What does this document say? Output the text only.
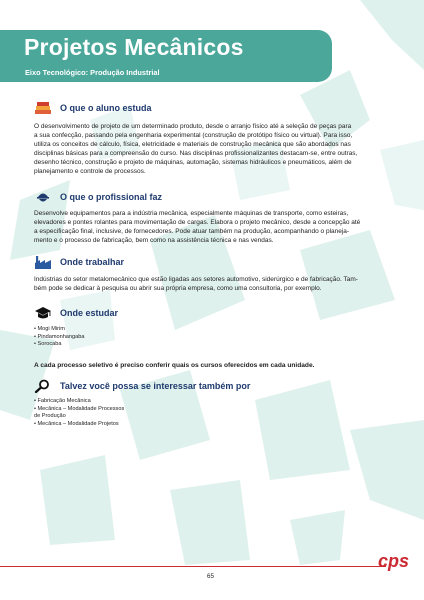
Projetos Mecânicos
Eixo Tecnológico: Produção Industrial
O que o aluno estuda

O desenvolvimento de projeto de um determinado produto, desde o arranjo físico até a seleção de peças para
a sua confecção, passando pela engenharia experimental (construção de protótipo físico ou virtual). Para isso,
utiliza os conceitos de cálculo, física, eletricidade e materiais de construção mecânica que são abordados nas
disciplinas básicas para a compreensão do curso. Nas disciplinas profissionalizantes destacam-se, entre outras,
desenho técnico, construção e projeto de máquinas, automação, sistemas hidráulicos e pneumáticos, além de
planejamento e controle de processos.

O que o profissional faz

Desenvolve equipamentos para a indústria mecânica, especialmente máquinas de transporte, como esteiras,
elevadores e pontes rolantes para movimentação de cargas. Elabora o projeto mecânico, desde a concepção até
a especificação final, inclusive, de fornecedores. Pode atuar também na produção, acompanhando o planeja-
mento e o processo de fabricação, bem como na assistência técnica e nas vendas.

Onde trabalhar

Indústrias do setor metalomecânico que estão ligadas aos setores automotivo, siderúrgico e de fabricação. Tam-
bém pode se dedicar à pesquisa ou abrir sua própria empresa, como uma consultoria, por exemplo.

Onde estudar
• Mogi Mirim
• Pindamonhangaba
• Sorocaba

A cada processo seletivo é preciso conferir quais os cursos oferecidos em cada unidade.

Talvez você possa se interessar também por
• Fabricação Mecânica
• Mecânica – Modalidade Processos
de Produção
• Mecânica – Modalidade Projetos
cps
65
